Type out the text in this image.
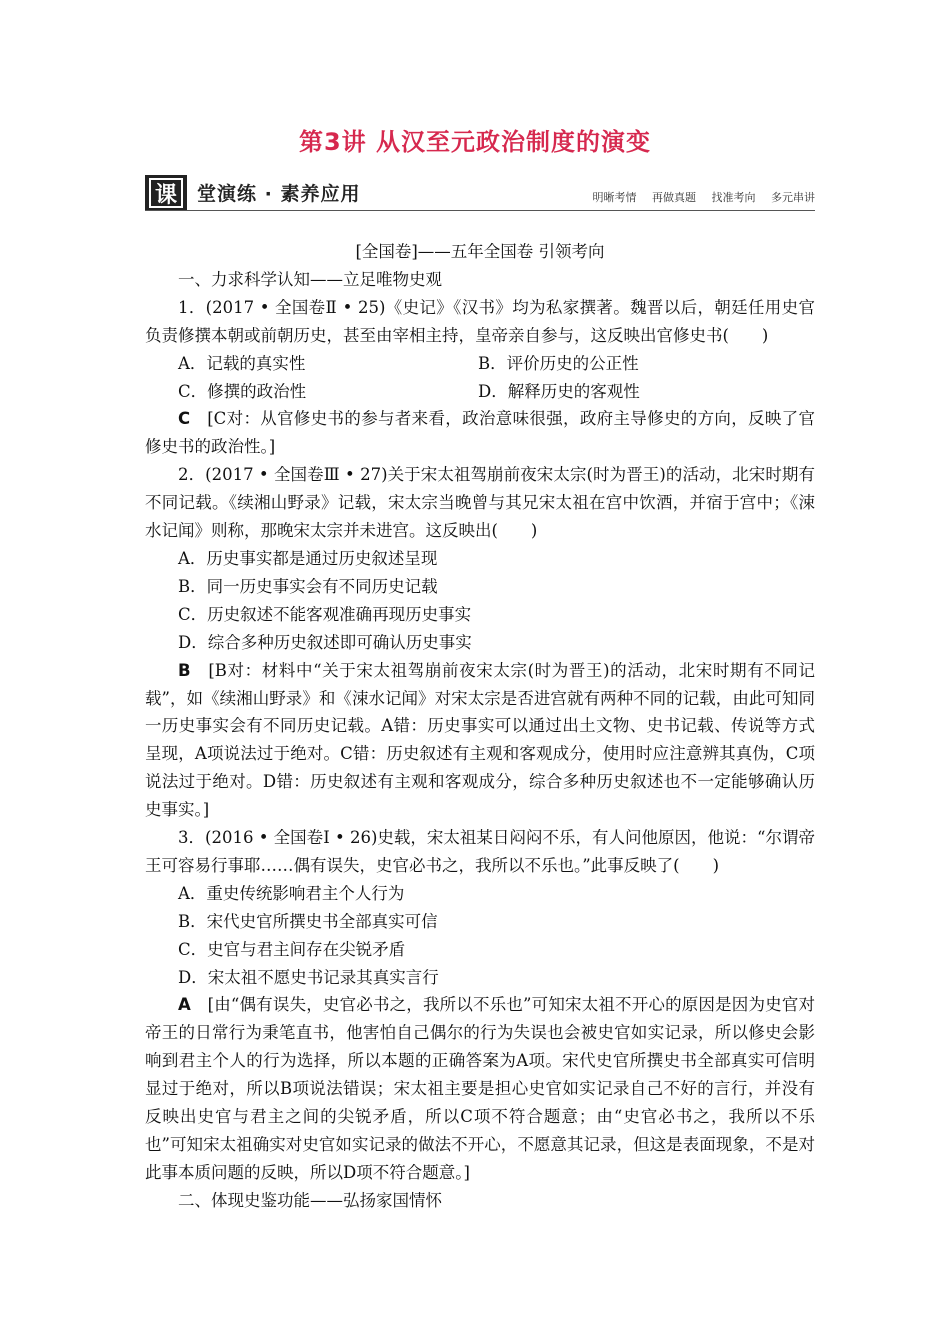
第3讲 从汉至元政治制度的演变
课	堂演练 · 素养应用	明晰考情 再做真题 找准考向 多元串讲

[全国卷]——五年全国卷 引领考向

一、力求科学认知——立足唯物史观

1．(2017 • 全国卷Ⅱ • 25)《史记》《汉书》均为私家撰著。魏晋以后，朝廷任用史官负责修撰本朝或前朝历史，甚至由宰相主持，皇帝亲自参与，这反映出官修史书(　　)

A．记载的真实性	B．评价历史的公正性
C．修撰的政治性	D．解释历史的客观性

C　[C对：从官修史书的参与者来看，政治意味很强，政府主导修史的方向，反映了官修史书的政治性。]

2．(2017 • 全国卷Ⅲ • 27)关于宋太祖驾崩前夜宋太宗(时为晋王)的活动，北宋时期有不同记载。《续湘山野录》记载，宋太宗当晚曾与其兄宋太祖在宫中饮酒，并宿于宫中；《涑水记闻》则称，那晚宋太宗并未进宫。这反映出(　　)

A．历史事实都是通过历史叙述呈现

B．同一历史事实会有不同历史记载

C．历史叙述不能客观准确再现历史事实

D．综合多种历史叙述即可确认历史事实

B　[B对：材料中“关于宋太祖驾崩前夜宋太宗(时为晋王)的活动，北宋时期有不同记载”，如《续湘山野录》和《涑水记闻》对宋太宗是否进宫就有两种不同的记载，由此可知同一历史事实会有不同历史记载。A错：历史事实可以通过出土文物、史书记载、传说等方式呈现，A项说法过于绝对。C错：历史叙述有主观和客观成分，使用时应注意辨其真伪，C项说法过于绝对。D错：历史叙述有主观和客观成分，综合多种历史叙述也不一定能够确认历史事实。]

3．(2016 • 全国卷Ⅰ • 26)史载，宋太祖某日闷闷不乐，有人问他原因，他说：“尔谓帝王可容易行事耶……偶有误失，史官必书之，我所以不乐也。”此事反映了(　　)

A．重史传统影响君主个人行为

B．宋代史官所撰史书全部真实可信

C．史官与君主间存在尖锐矛盾

D．宋太祖不愿史书记录其真实言行

A　[由“偶有误失，史官必书之，我所以不乐也”可知宋太祖不开心的原因是因为史官对帝王的日常行为秉笔直书，他害怕自己偶尔的行为失误也会被史官如实记录，所以修史会影响到君主个人的行为选择，所以本题的正确答案为A项。宋代史官所撰史书全部真实可信明显过于绝对，所以B项说法错误；宋太祖主要是担心史官如实记录自己不好的言行，并没有反映出史官与君主之间的尖锐矛盾，所以C项不符合题意；由“史官必书之，我所以不乐也”可知宋太祖确实对史官如实记录的做法不开心，不愿意其记录，但这是表面现象，不是对此事本质问题的反映，所以D项不符合题意。]

二、体现史鉴功能——弘扬家国情怀
